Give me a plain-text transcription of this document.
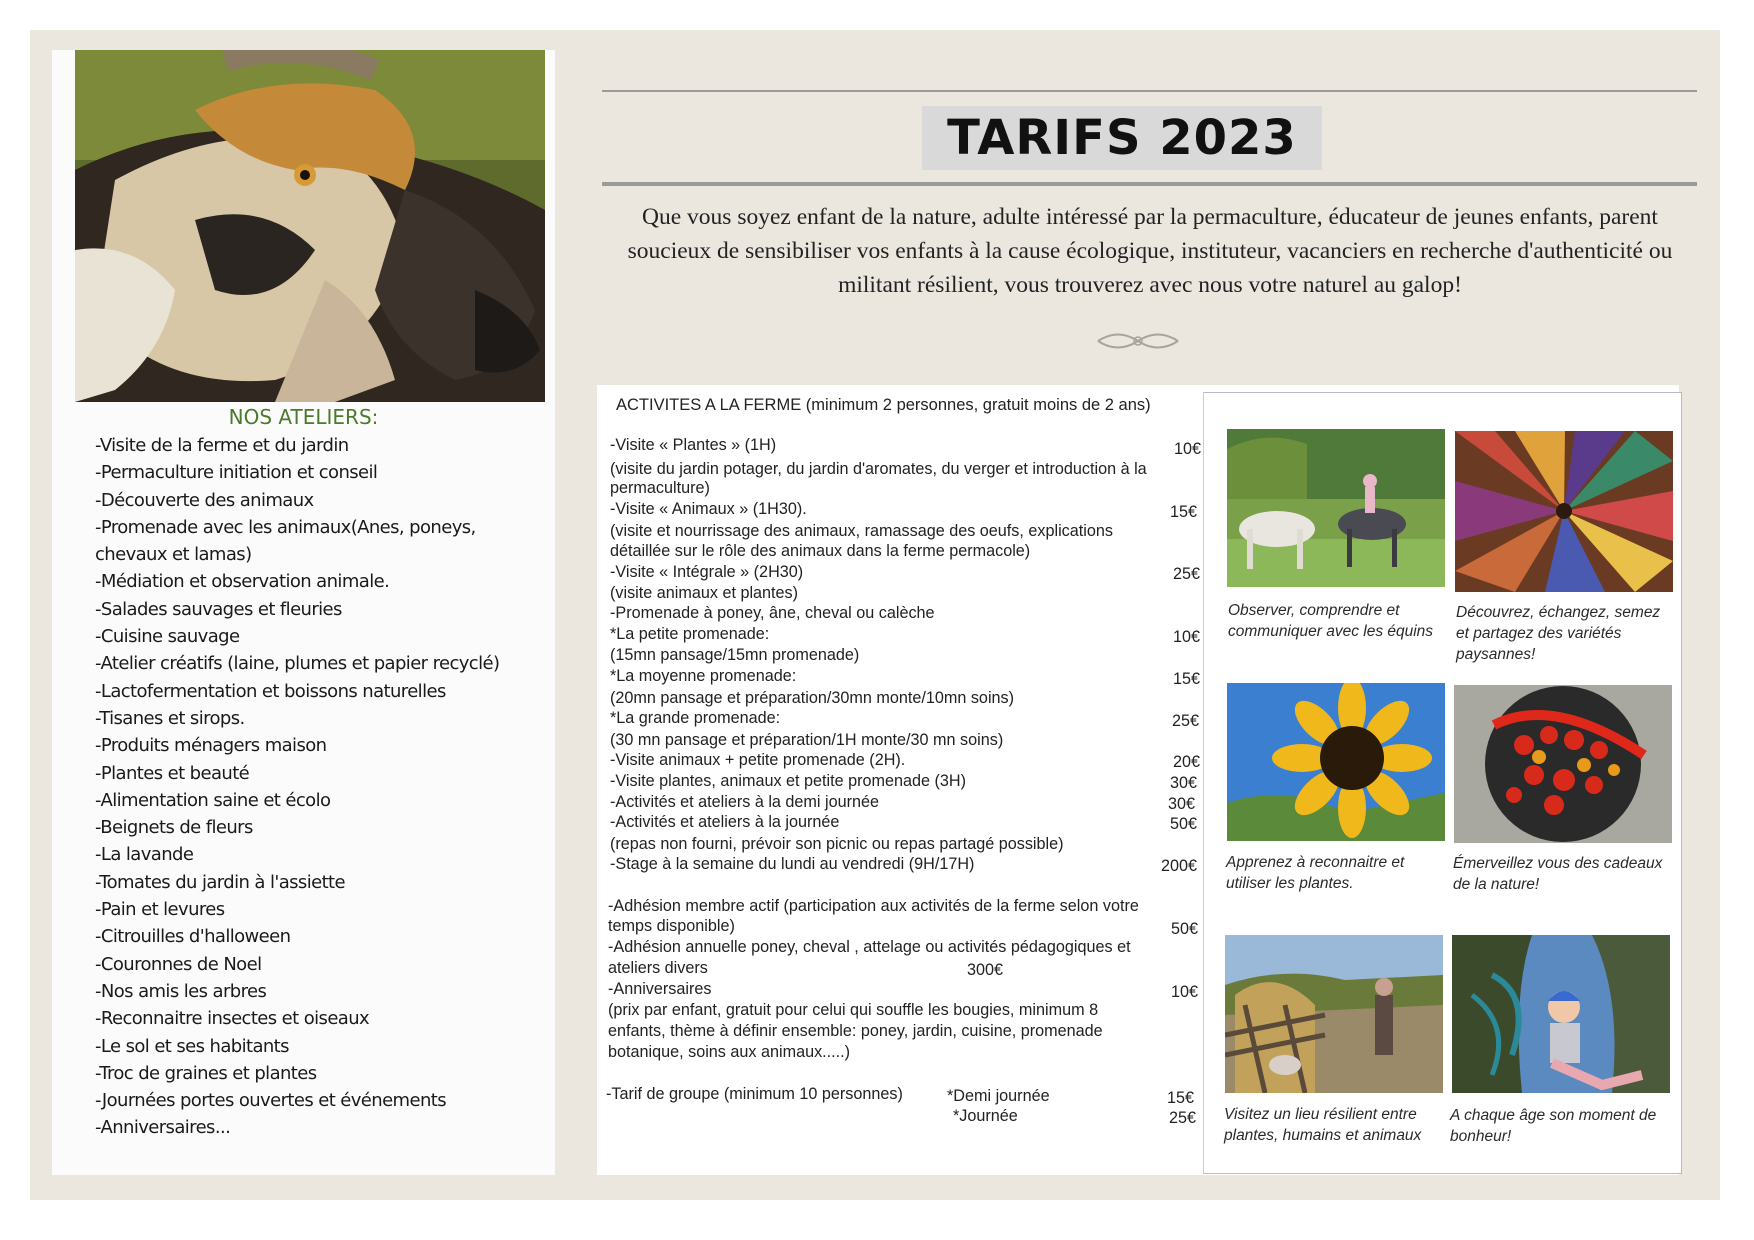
NOS ATELIERS:
-Visite de la ferme et du jardin
-Permaculture initiation et conseil
-Découverte des animaux
-Promenade avec les animaux(Anes, poneys,
chevaux et lamas)
-Médiation et observation animale.
-Salades sauvages et fleuries
-Cuisine sauvage
-Atelier créatifs (laine, plumes et papier recyclé)
-Lactofermentation et boissons naturelles
-Tisanes et sirops.
-Produits ménagers maison
-Plantes et beauté
-Alimentation saine et écolo
-Beignets de fleurs
-La lavande
-Tomates du jardin à l'assiette
-Pain et levures
-Citrouilles d'halloween
-Couronnes de Noel
-Nos amis les arbres
-Reconnaitre insectes et oiseaux
-Le sol et ses habitants
-Troc de graines et plantes
-Journées portes ouvertes et événements
-Anniversaires...
TARIFS 2023
Que vous soyez enfant de la nature, adulte intéressé par la permaculture, éducateur de jeunes enfants, parent soucieux de sensibiliser vos enfants à la cause écologique, instituteur, vacanciers en recherche d'authenticité ou militant résilient, vous trouverez avec nous votre naturel au galop!
ACTIVITES A LA FERME (minimum 2 personnes, gratuit moins de 2 ans)
-Visite « Plantes » (1H)
(visite du jardin potager, du jardin d'aromates, du verger et introduction à la
permaculture)
-Visite « Animaux » (1H30).
(visite et nourrissage des animaux, ramassage des oeufs, explications
détaillée sur le rôle des animaux dans la ferme permacole)
-Visite « Intégrale » (2H30)
(visite animaux et plantes)
-Promenade à poney, âne, cheval ou calèche
*La petite promenade:
(15mn pansage/15mn promenade)
*La moyenne promenade:
(20mn pansage et préparation/30mn monte/10mn soins)
*La grande promenade:
(30 mn pansage et préparation/1H monte/30 mn soins)
-Visite animaux + petite promenade (2H).
-Visite plantes, animaux et petite promenade (3H)
-Activités et ateliers à la demi journée
-Activités et ateliers à la journée
(repas non fourni, prévoir son picnic ou repas partagé possible)
-Stage à la semaine du lundi au vendredi (9H/17H)
-Adhésion membre actif (participation aux activités de la ferme selon votre
temps disponible)
-Adhésion annuelle poney, cheval , attelage ou activités pédagogiques et
ateliers divers
-Anniversaires
(prix par enfant, gratuit pour celui qui souffle les bougies, minimum 8
enfants, thème à définir ensemble: poney, jardin, cuisine, promenade
botanique, soins aux animaux.....)
-Tarif de groupe (minimum 10 personnes)	*Demi journée
*Journée
10€
15€
25€
10€
15€
25€
20€
30€
30€
50€
200€
50€
300€
10€
15€
25€
Observer, comprendre et communiquer avec les équins
Découvrez, échangez, semez et partagez des variétés paysannes!
Apprenez à reconnaitre et utiliser les plantes.
Émerveillez vous des cadeaux de la nature!
Visitez un lieu résilient entre plantes, humains et animaux
A chaque âge son moment de bonheur!
